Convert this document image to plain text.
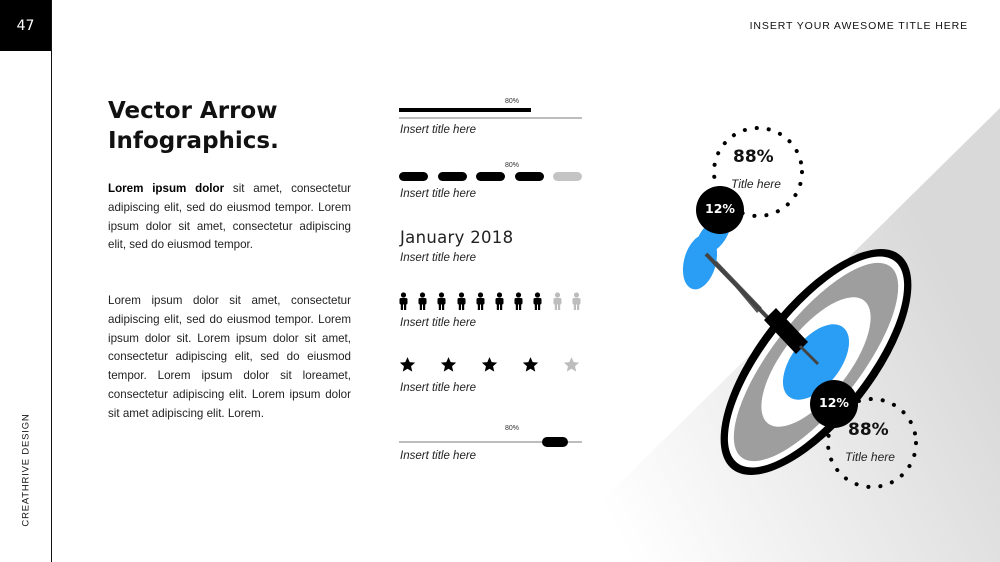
47
CREATHRIVE DESIGN
INSERT YOUR AWESOME TITLE HERE
Vector Arrow
Infographics.

Lorem ipsum dolor sit amet, consectetur adipiscing elit, sed do eiusmod tempor. Lorem ipsum dolor sit amet, consectetur adipiscing elit, sed do eiusmod tempor.

Lorem ipsum dolor sit amet, consectetur adipiscing elit, sed do eiusmod tempor. Lorem ipsum dolor sit. Lorem ipsum dolor sit amet, consectetur adipiscing elit, sed do eiusmod tempor. Lorem ipsum dolor sit loreamet, consectetur adipiscing elit. Lorem ipsum dolor sit amet adipiscing elit. Lorem.

80%
Insert title here
80%
Insert title here
January 2018
Insert title here
Insert title here
Insert title here
80%
Insert title here
88%
Title here
12%
88%
Title here
12%
